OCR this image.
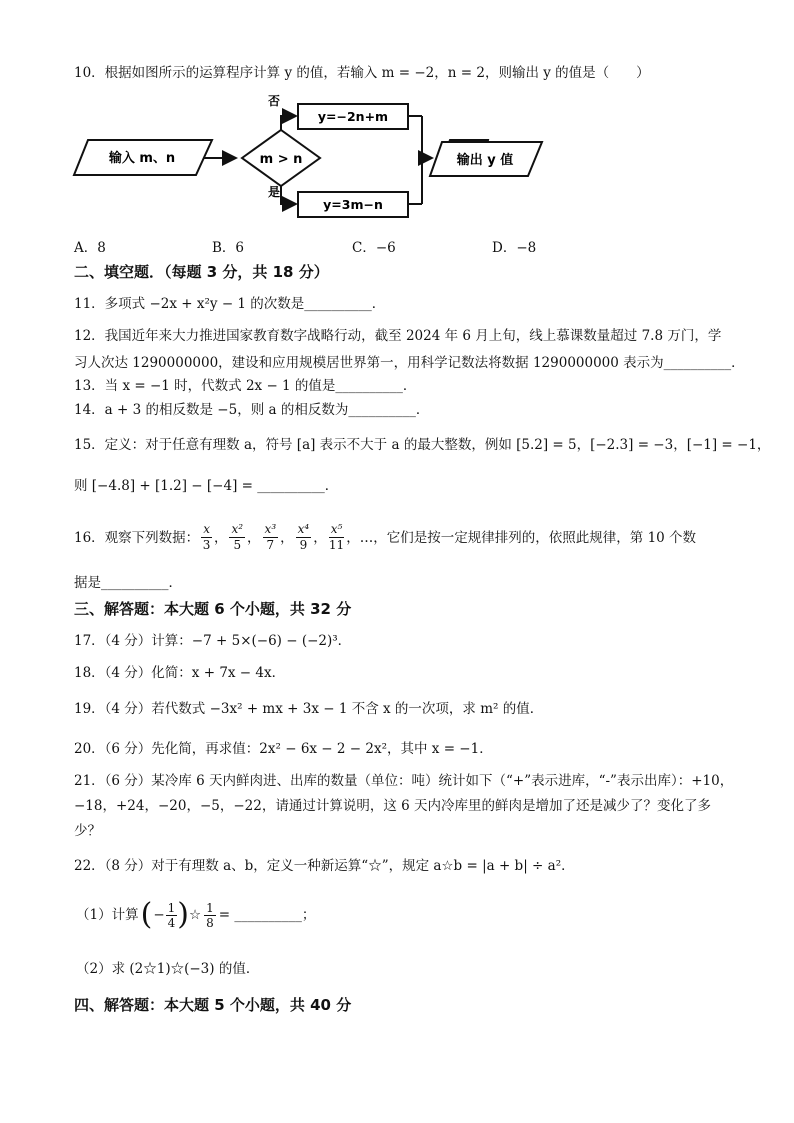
10．根据如图所示的运算程序计算 y 的值，若输入 m = −2，n = 2，则输出 y 的值是（　　）
输入 m、n	m > n
否
y=−2n+m
是
y=3m−n
输出 y 值
A．8	B．6	C．−6	D．−8
二、填空题．（每题 3 分，共 18 分）
11．多项式 −2x + x²y − 1 的次数是__________．
12．我国近年来大力推进国家教育数字战略行动，截至 2024 年 6 月上旬，线上慕课数量超过 7.8 万门，学
习人次达 1290000000，建设和应用规模居世界第一，用科学记数法将数据 1290000000 表示为__________．
13．当 x = −1 时，代数式 2x − 1 的值是__________．
14．a + 3 的相反数是 −5，则 a 的相反数为__________．
15．定义：对于任意有理数 a，符号 [a] 表示不大于 a 的最大整数，例如 [5.2] = 5，[−2.3] = −3，[−1] = −1，
则 [−4.8] + [1.2] − [−4] = __________．
16．观察下列数据： $\frac{x}{3}$ ， $\frac{\text{x²}}{5}$ ， $\frac{\text{x³}}{7}$ ， $\frac{\text{x⁴}}{9}$ ， $\frac{\text{x⁵}}{11}$ ，…，它们是按一定规律排列的，依照此规律，第 10 个数
据是__________．
三、解答题：本大题 6 个小题，共 32 分
17．（4 分）计算：−7 + 5×(−6) − (−2)³．
18．（4 分）化简：x + 7x − 4x．
19．（4 分）若代数式 −3x² + mx + 3x − 1 不含 x 的一次项，求 m² 的值．
20．（6 分）先化简，再求值：2x² − 6x − 2 − 2x²，其中 x = −1．
21．（6 分）某冷库 6 天内鲜肉进、出库的数量（单位：吨）统计如下（“+”表示进库，“-”表示出库）：+10，
−18，+24，−20，−5，−22，请通过计算说明，这 6 天内冷库里的鲜肉是增加了还是减少了？变化了多
少？
22．（8 分）对于有理数 a、b，定义一种新运算“☆”，规定 a☆b = |a + b| ÷ a²．
（1）计算 ( − $\frac{1}{4}$ ) ☆ $\frac{1}{8}$ = __________；
（2）求 (2☆1)☆(−3) 的值．
四、解答题：本大题 5 个小题，共 40 分
